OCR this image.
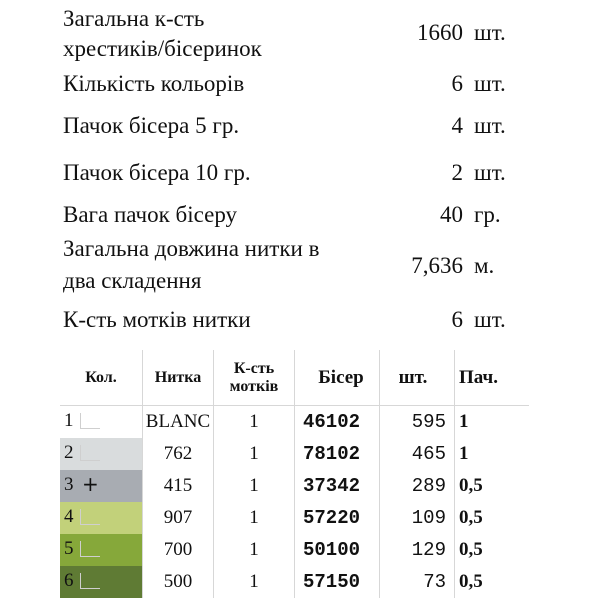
Загальна к-сть
хрестиків/бісеринок
1660 шт.
Кількість кольорів	6 шт.
Пачок бісера 5 гр.	4 шт.
Пачок бісера 10 гр.	2 шт.
Вага пачок бісеру	40 гр.
Загальна довжина нитки в
два складення
7,636 м.
К-сть мотків нитки	6 шт.
Кол.	Нитка	К-сть мотків	Бісер	шт.	Пач.

1	BLANC	1	46102	595	1

2	762	1	78102	465	1

3 +	415	1	37342	289	0,5

4	907	1	57220	109	0,5

5	700	1	50100	129	0,5

6	500	1	57150	73	0,5
